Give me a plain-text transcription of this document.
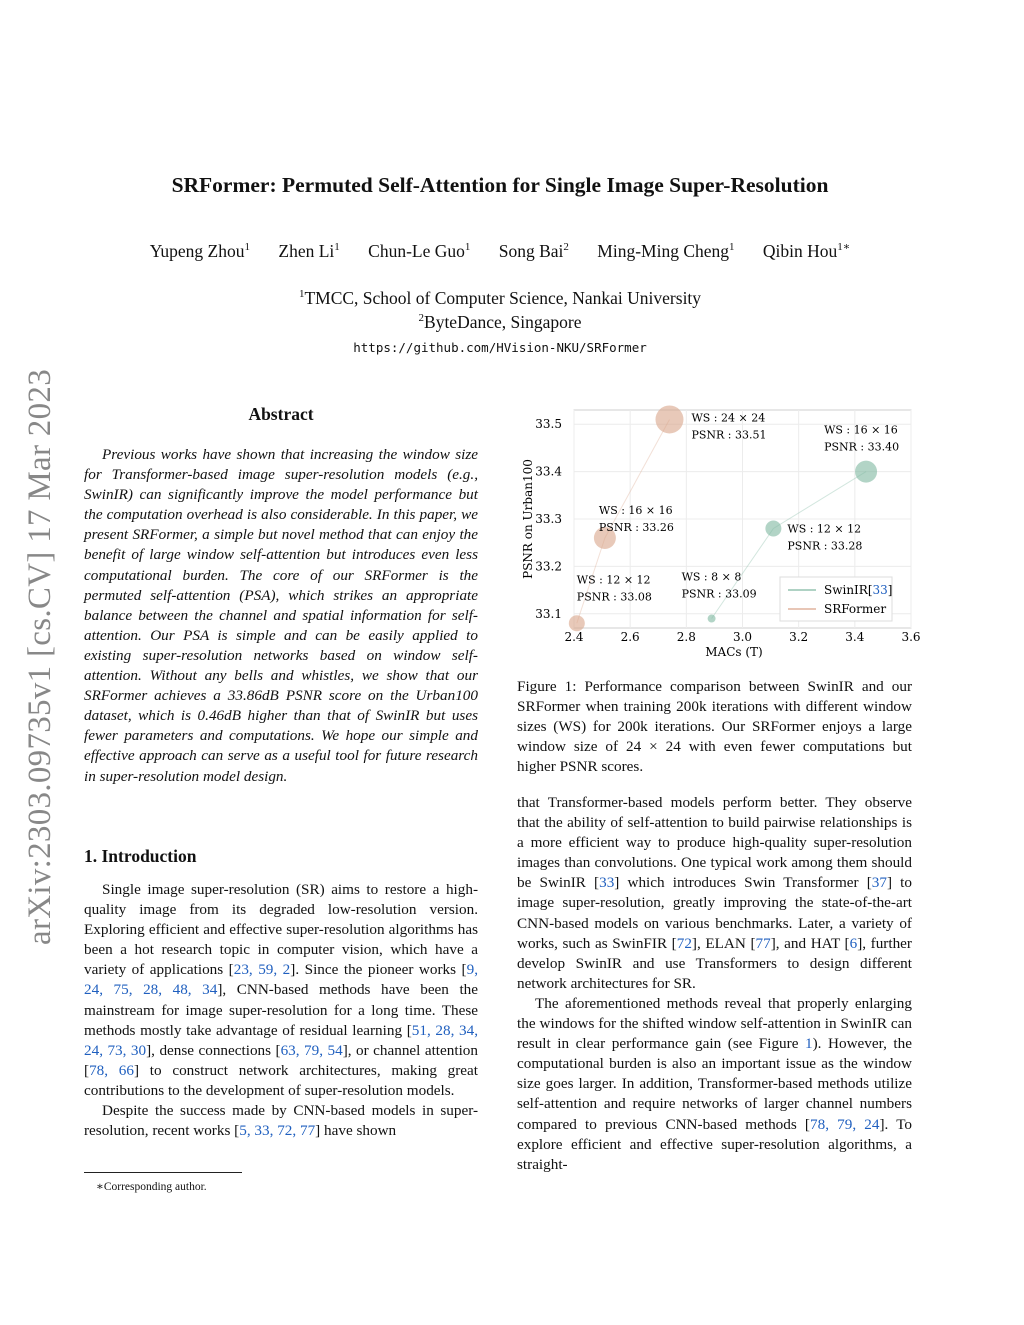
arXiv:2303.09735v1 [cs.CV] 17 Mar 2023
SRFormer: Permuted Self-Attention for Single Image Super-Resolution
Yupeng Zhou$^1$ Zhen Li$^1$ Chun-Le Guo$^1$ Song Bai$^2$ Ming-Ming Cheng$^1$ Qibin Hou$^{1∗}$
$^1$TMCC, School of Computer Science, Nankai University
$^2$ByteDance, Singapore
https://github.com/HVision-NKU/SRFormer
Abstract
Previous works have shown that increasing the window size for Transformer-based image super-resolution models (e.g., SwinIR) can significantly improve the model performance but the computation overhead is also considerable. In this paper, we present SRFormer, a simple but novel method that can enjoy the benefit of large window self-attention but introduces even less computational burden. The core of our SRFormer is the permuted self-attention (PSA), which strikes an appropriate balance between the channel and spatial information for self-attention. Our PSA is simple and can be easily applied to existing super-resolution networks based on window self-attention. Without any bells and whistles, we show that our SRFormer achieves a 33.86dB PSNR score on the Urban100 dataset, which is 0.46dB higher than that of SwinIR but uses fewer parameters and computations. We hope our simple and effective approach can serve as a useful tool for future research in super-resolution model design.
1. Introduction

Single image super-resolution (SR) aims to restore a high-quality image from its degraded low-resolution version. Exploring efficient and effective super-resolution algorithms has been a hot research topic in computer vision, which have a variety of applications [23, 59, 2]. Since the pioneer works [9, 24, 75, 28, 48, 34], CNN-based methods have been the mainstream for image super-resolution for a long time. These methods mostly take advantage of residual learning [51, 28, 34, 24, 73, 30], dense connections [63, 79, 54], or channel attention [78, 66] to construct network architectures, making great contributions to the development of super-resolution models.

Despite the success made by CNN-based models in super-resolution, recent works [5, 33, 72, 77] have shown

∗Corresponding author.
2.4	2.6	2.8	3.0	3.2	3.4	3.6
33.1
33.2
33.3
33.4
33.5
WS : 8 × 8
PSNR : 33.09
WS : 12 × 12
PSNR : 33.28
WS : 16 × 16
PSNR : 33.40
WS : 12 × 12
PSNR : 33.08
WS : 16 × 16
PSNR : 33.26
WS : 24 × 24
PSNR : 33.51
MACs (T)
PSNR on Urban100
SwinIR[33]
SRFormer
Figure 1: Performance comparison between SwinIR and our SRFormer when training 200k iterations with different window sizes (WS) for 200k iterations. Our SRFormer enjoys a large window size of 24 × 24 with even fewer computations but higher PSNR scores.

that Transformer-based models perform better. They observe that the ability of self-attention to build pairwise relationships is a more efficient way to produce high-quality super-resolution images than convolutions. One typical work among them should be SwinIR [33] which introduces Swin Transformer [37] to image super-resolution, greatly improving the state-of-the-art CNN-based models on various benchmarks. Later, a variety of works, such as SwinFIR [72], ELAN [77], and HAT [6], further develop SwinIR and use Transformers to design different network architectures for SR.

The aforementioned methods reveal that properly enlarging the windows for the shifted window self-attention in SwinIR can result in clear performance gain (see Figure 1). However, the computational burden is also an important issue as the window size goes larger. In addition, Transformer-based methods utilize self-attention and require networks of larger channel numbers compared to previous CNN-based methods [78, 79, 24]. To explore efficient and effective super-resolution algorithms, a straight-
